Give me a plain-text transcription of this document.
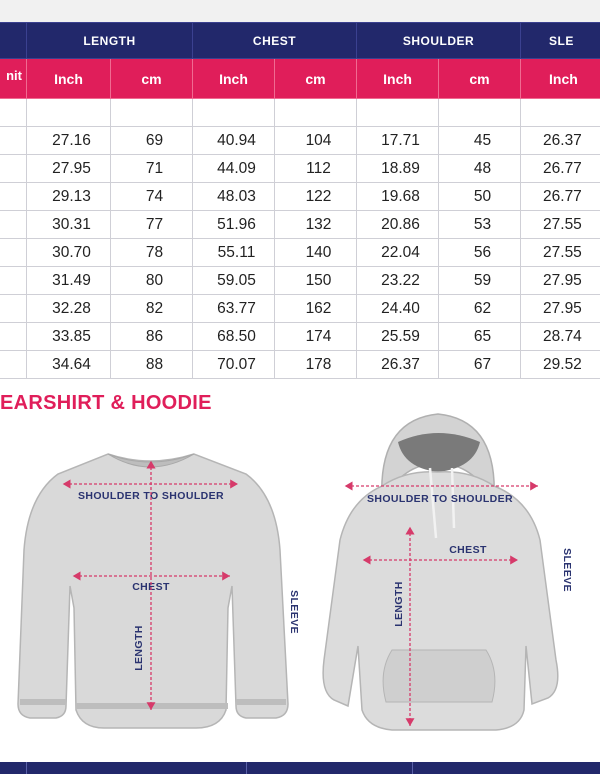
	LENGTH		CHEST		SHOULDER		SLE	
nit	Inch	cm	Inch	cm	Inch	cm	Inch	

	27.16	69	40.94	104	17.71	45	26.37	
	27.95	71	44.09	112	18.89	48	26.77	
	29.13	74	48.03	122	19.68	50	26.77	
	30.31	77	51.96	132	20.86	53	27.55	
	30.70	78	55.11	140	22.04	56	27.55	
	31.49	80	59.05	150	23.22	59	27.95	
	32.28	82	63.77	162	24.40	62	27.95	
	33.85	86	68.50	174	25.59	65	28.74	
	34.64	88	70.07	178	26.37	67	29.52	
EARSHIRT & HOODIE
SHOULDER TO SHOULDER
CHEST
LENGTH
SLEEVE
SHOULDER TO SHOULDER
CHEST
LENGTH
SLEEVE
